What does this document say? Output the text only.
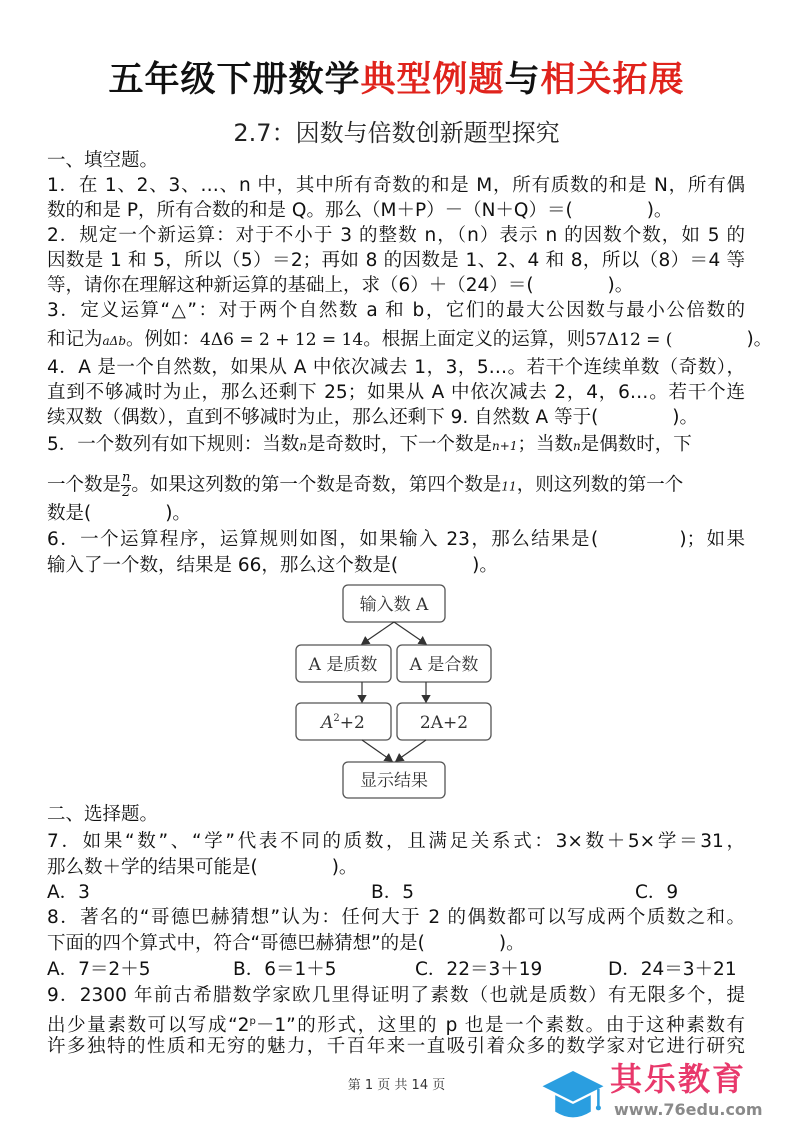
五年级下册数学典型例题与相关拓展
2.7：因数与倍数创新题型探究
一、填空题。
1．在 1、2、3、…、n 中，其中所有奇数的和是 M，所有质数的和是 N，所有偶
数的和是 P，所有合数的和是 Q。那么（M＋P）－（N＋Q）＝(　　　　)。
2．规定一个新运算：对于不小于 3 的整数 n，（n）表示 n 的因数个数，如 5 的
因数是 1 和 5，所以（5）＝2；再如 8 的因数是 1、2、4 和 8，所以（8）＝4 等
等，请你在理解这种新运算的基础上，求（6）＋（24）＝(　　　　)。
3．定义运算“△”：对于两个自然数 a 和 b，它们的最大公因数与最小公倍数的
和记为aΔb。例如：4Δ6 = 2 + 12 = 14。根据上面定义的运算，则57Δ12 = (　　　　)。
4．A 是一个自然数，如果从 A 中依次减去 1，3，5…。若干个连续单数（奇数），
直到不够减时为止，那么还剩下 25；如果从 A 中依次减去 2，4，6…。若干个连
续双数（偶数），直到不够减时为止，那么还剩下 9. 自然数 A 等于(　　　　)。
5．一个数列有如下规则：当数n是奇数时，下一个数是n+1；当数n是偶数时，下
一个数是 $\frac{n}{2}$ 。如果这列数的第一个数是奇数，第四个数是11，则这列数的第一个
数是(　　　　)。
6．一个运算程序，运算规则如图，如果输入 23，那么结果是(　　　　)；如果
输入了一个数，结果是 66，那么这个数是(　　　　)。
输入数 A
A 是质数 A 是合数
$A^2+2$	2A+2
显示结果
二、选择题。
7．如果“数”、“学”代表不同的质数，且满足关系式：3×数＋5×学＝31，
那么数＋学的结果可能是(　　　　)。
A．3	B．5	C．9
8．著名的“哥德巴赫猜想”认为：任何大于 2 的偶数都可以写成两个质数之和。
下面的四个算式中，符合“哥德巴赫猜想”的是(　　　　)。
A．7＝2＋5	B．6＝1＋5	C．22＝3＋19	D．24＝3＋21
9．2300 年前古希腊数学家欧几里得证明了素数（也就是质数）有无限多个，提
出少量素数可以写成“$2^p-1$”的形式，这里的 p 也是一个素数。由于这种素数有
许多独特的性质和无穷的魅力，千百年来一直吸引着众多的数学家对它进行研究
第 1 页 共 14 页	其乐教育
www.76edu.com
